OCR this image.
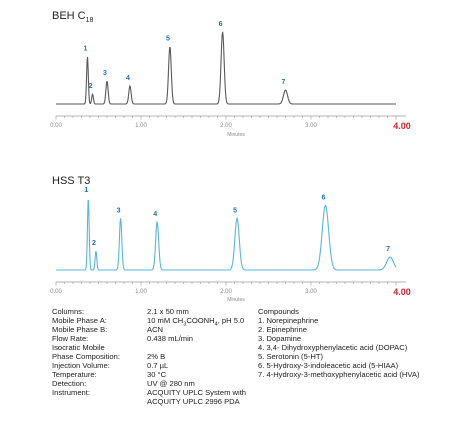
1
2
3
4
5
6
7
0.00	1.00	2.00	3.00	4.00
Minutes
1
2
3
4
5
6
7
0.00	1.00	2.00	3.00	4.00
Minutes
BEH $C_{18}$
HSS T3
Columns:	2.1 x 50 mm
Mobile Phase A:	10 mM $CH_3COONH_4$, pH 5.0
Mobile Phase B:	ACN
Flow Rate:	0.438 mL/min
Isocratic Mobile
Phase Composition:	2% B
Injection Volume:	0.7 µL
Temperature:	30 °C
Detection:	UV @ 280 nm
Instrument:	ACQUITY UPLC System with
ACQUITY UPLC 2996 PDA
Compounds
1. Norepinephrine
2. Epinephrine
3. Dopamine
4. 3,4- Dihydroxyphenylacetic acid (DOPAC)
5. Serotonin (5-HT)
6. 5-Hydroxy-3-indoleacetic acid (5-HIAA)
7. 4-Hydroxy-3-methoxyphenylacetic acid (HVA)
